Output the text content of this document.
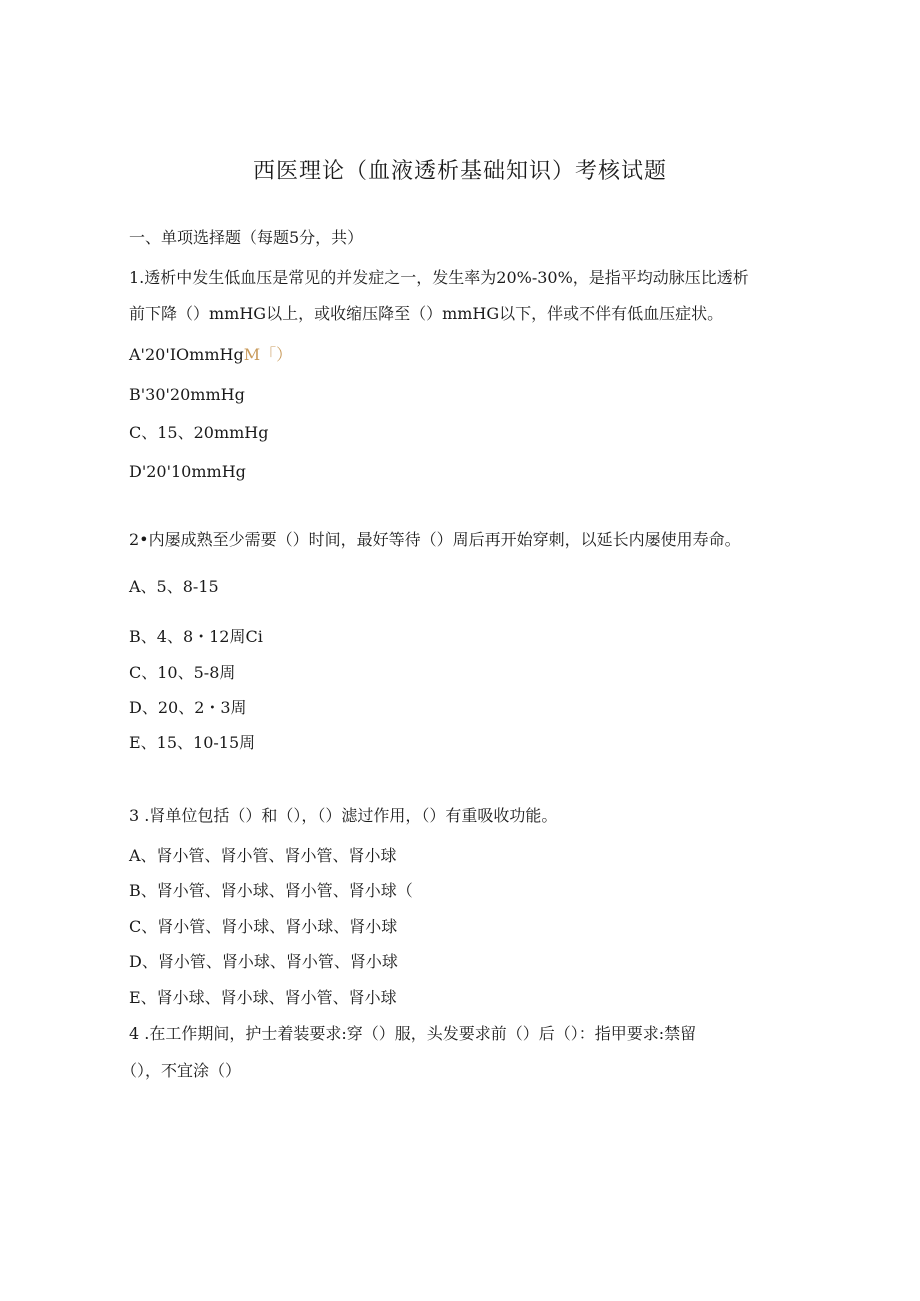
西医理论（血液透析基础知识）考核试题
一、单项选择题（每题5分，共）
1.透析中发生低血压是常见的并发症之一，发生率为20%-30%，是指平均动脉压比透析
前下降（）mmHG以上，或收缩压降至（）mmHG以下，伴或不伴有低血压症状。
A'20'IOmmHgM「）
B'30'20mmHg
C、15、20mmHg
D'20'10mmHg
2•内屡成熟至少需要（）时间，最好等待（）周后再开始穿刺，以延长内屡使用寿命。
A、5、8-15
B、4、8・12周Ci
C、10、5-8周
D、20、2・3周
E、15、10-15周
3 .肾单位包括（）和（），（）滤过作用，（）有重吸收功能。
A、肾小管、肾小管、肾小管、肾小球
B、肾小管、肾小球、肾小管、肾小球（
C、肾小管、肾小球、肾小球、肾小球
D、肾小管、肾小球、肾小管、肾小球
E、肾小球、肾小球、肾小管、肾小球
4 .在工作期间，护士着装要求:穿（）服，头发要求前（）后（）：指甲要求:禁留
（），不宜涂（）
